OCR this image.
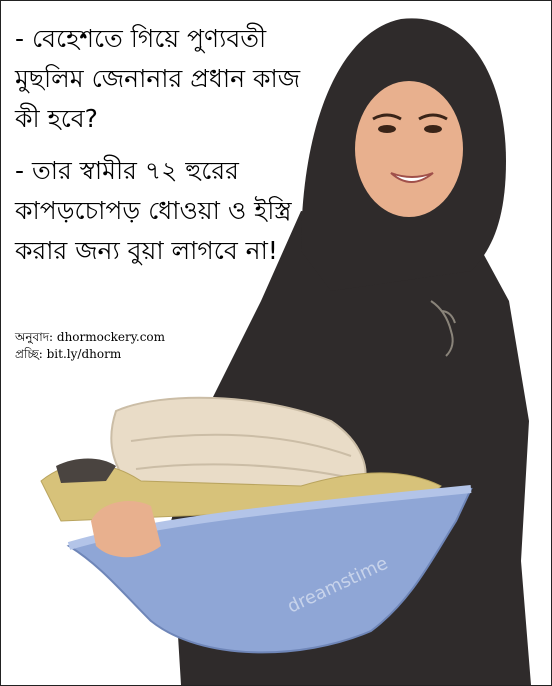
dreamstime

- বেহেশতে গিয়ে পুণ্যবতী মুছলিম জেনানার প্রধান কাজ কী হবে?

- তার স্বামীর ৭২ হুরের কাপড়চোপড় ধোওয়া ও ইস্ত্রি করার জন্য বুয়া লাগবে না!

অনুবাদ: dhormockery.com
প্রচ্ছি: bit.ly/dhorm
